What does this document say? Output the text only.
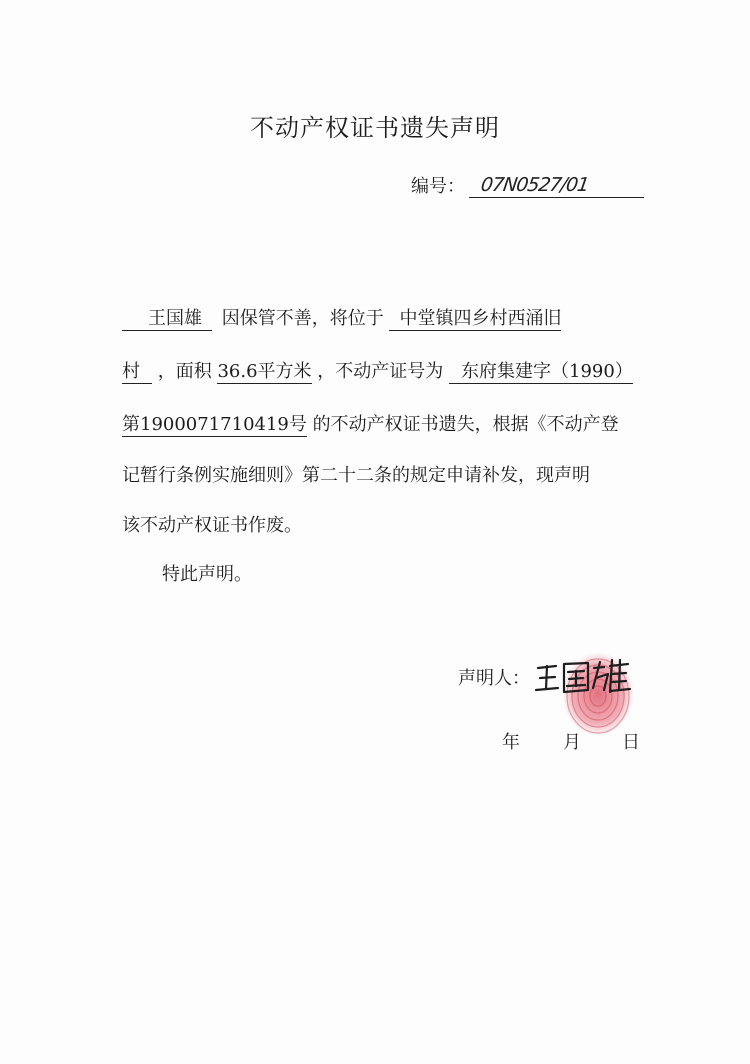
不动产权证书遗失声明
编号： 07N0527/01
王国雄 因保管不善，将位于 中堂镇四乡村西涌旧
村 ，面积 36.6平方米 ，不动产证号为 东府集建字（1990）
第1900071710419号 的不动产权证书遗失，根据《不动产登
记暂行条例实施细则》第二十二条的规定申请补发，现声明
该不动产权证书作废。
特此声明。
声明人：
年 月 日
